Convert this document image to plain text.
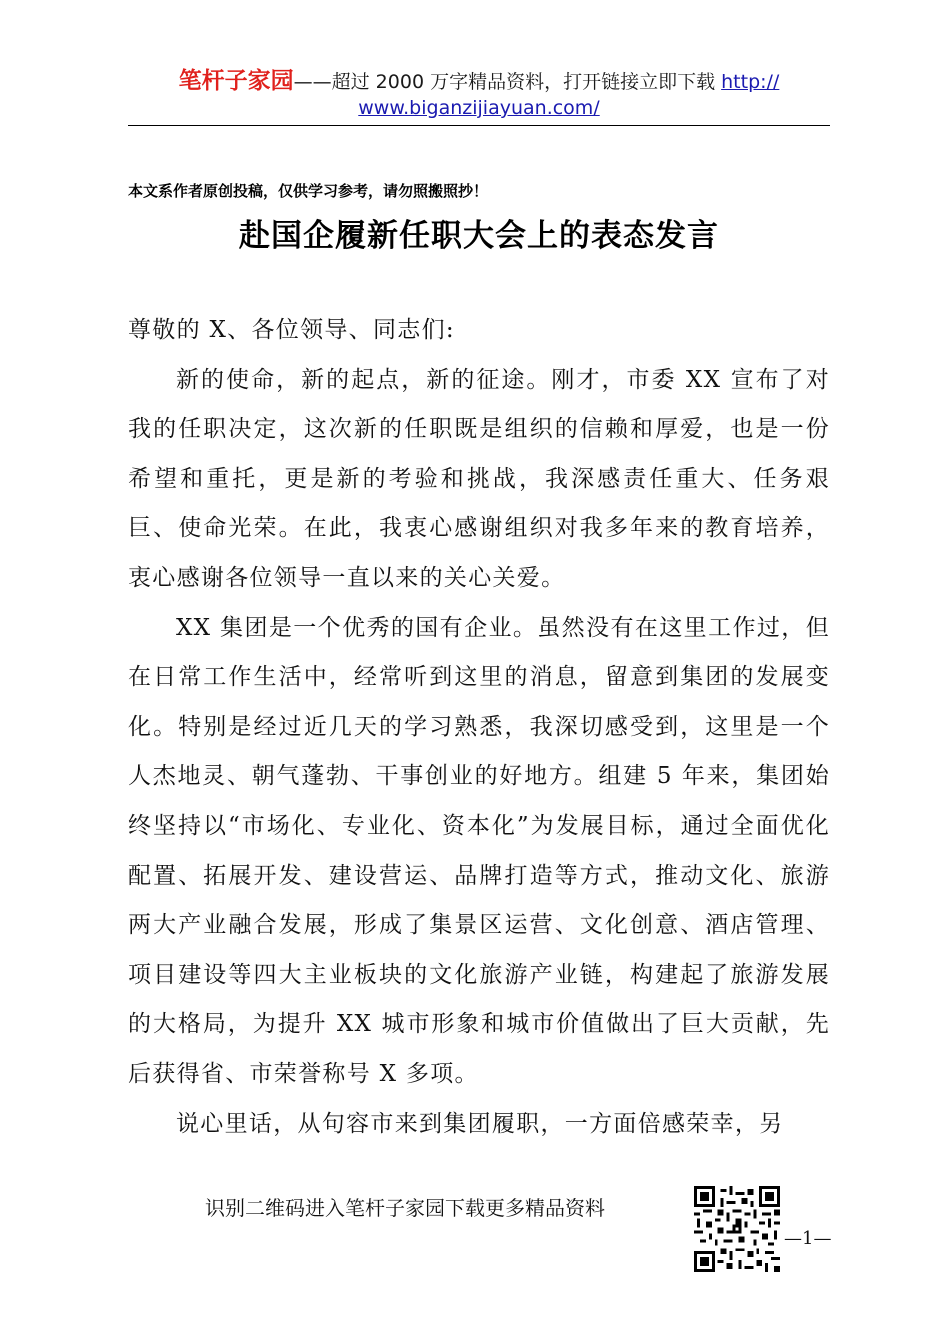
笔杆子家园——超过 2000 万字精品资料，打开链接立即下载 http://
www.biganzijiayuan.com/
本文系作者原创投稿，仅供学习参考，请勿照搬照抄！
赴国企履新任职大会上的表态发言

尊敬的 X、各位领导、同志们:

新的使命，新的起点，新的征途。刚才，市委 XX 宣布了对我的任职决定，这次新的任职既是组织的信赖和厚爱，也是一份希望和重托，更是新的考验和挑战，我深感责任重大、任务艰巨、使命光荣。在此，我衷心感谢组织对我多年来的教育培养，衷心感谢各位领导一直以来的关心关爱。

XX 集团是一个优秀的国有企业。虽然没有在这里工作过，但在日常工作生活中，经常听到这里的消息，留意到集团的发展变化。特别是经过近几天的学习熟悉，我深切感受到，这里是一个人杰地灵、朝气蓬勃、干事创业的好地方。组建 5 年来，集团始终坚持以“市场化、专业化、资本化”为发展目标，通过全面优化配置、拓展开发、建设营运、品牌打造等方式，推动文化、旅游两大产业融合发展，形成了集景区运营、文化创意、酒店管理、项目建设等四大主业板块的文化旅游产业链，构建起了旅游发展的大格局，为提升 XX 城市形象和城市价值做出了巨大贡献，先后获得省、市荣誉称号 X 多项。

说心里话，从句容市来到集团履职，一方面倍感荣幸，另

识别二维码进入笔杆子家园下载更多精品资料
—1—
